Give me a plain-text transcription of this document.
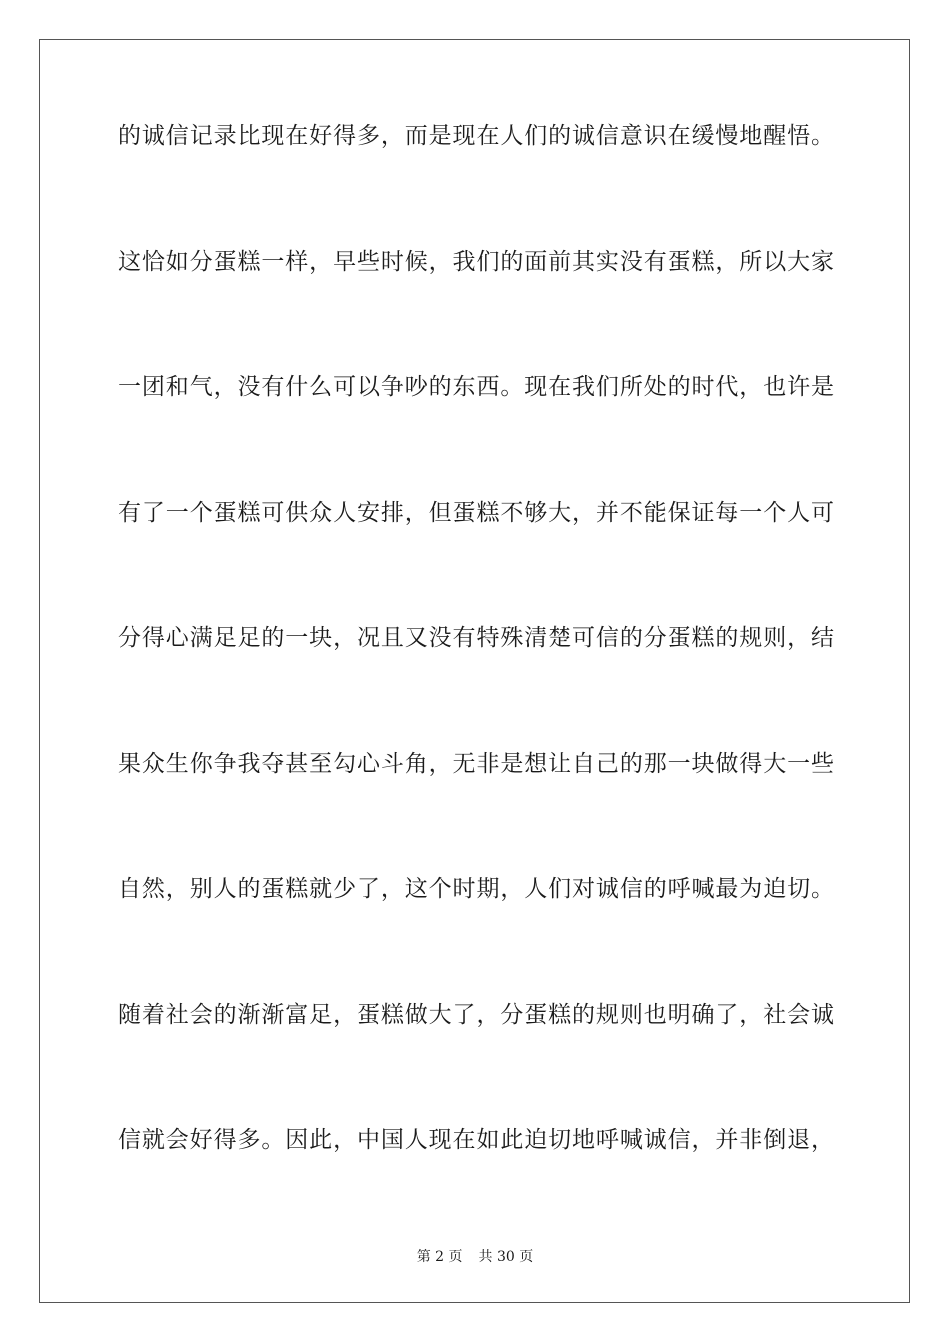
的诚信记录比现在好得多，而是现在人们的诚信意识在缓慢地醒悟。
这恰如分蛋糕一样，早些时候，我们的面前其实没有蛋糕，所以大家
一团和气，没有什么可以争吵的东西。现在我们所处的时代，也许是
有了一个蛋糕可供众人安排，但蛋糕不够大，并不能保证每一个人可
分得心满足足的一块，况且又没有特殊清楚可信的分蛋糕的规则，结
果众生你争我夺甚至勾心斗角，无非是想让自己的那一块做得大一些
自然，别人的蛋糕就少了，这个时期，人们对诚信的呼喊最为迫切。
随着社会的渐渐富足，蛋糕做大了，分蛋糕的规则也明确了，社会诚
信就会好得多。因此，中国人现在如此迫切地呼喊诚信，并非倒退，
第 2 页 共 30 页
